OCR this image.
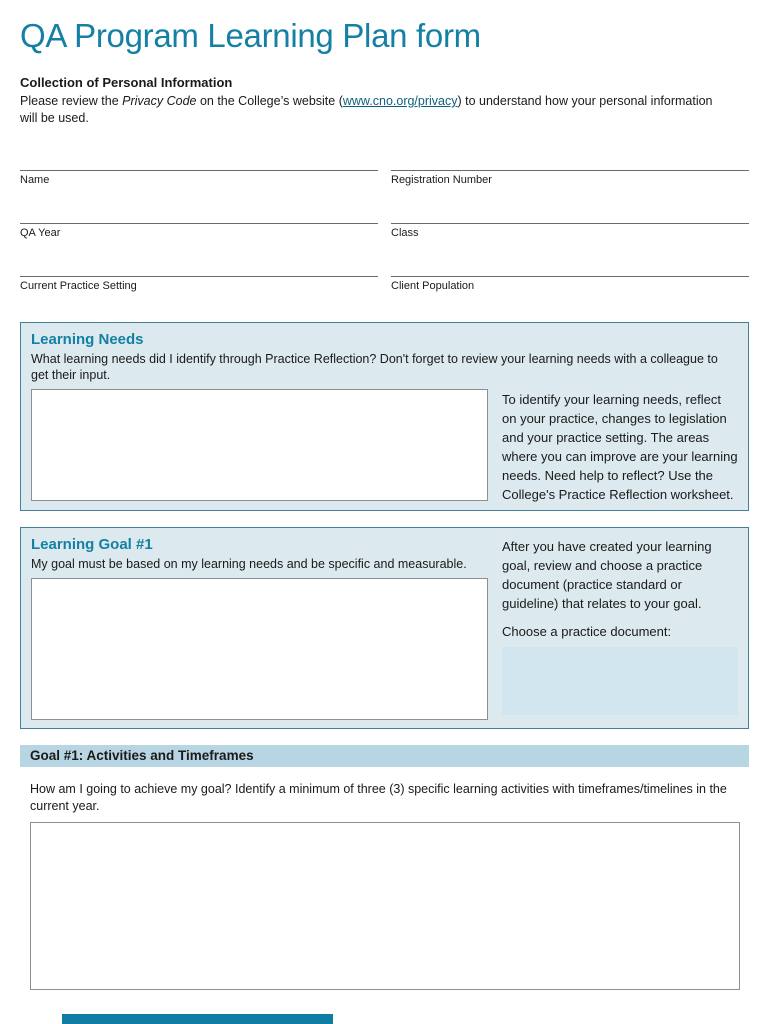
QA Program Learning Plan form
Collection of Personal Information

Please review the Privacy Code on the College’s website (www.cno.org/privacy) to understand how your personal information will be used.

Name	Registration Number
QA Year	Class
Current Practice Setting	Client Population
Learning Needs

What learning needs did I identify through Practice Reflection? Don't forget to review your learning needs with a colleague to get their input.

To identify your learning needs, reflect on your practice, changes to legislation and your practice setting. The areas where you can improve are your learning needs. Need help to reflect? Use the College's Practice Reflection worksheet.

Learning Goal #1

My goal must be based on my learning needs and be specific and measurable.

After you have created your learning goal, review and choose a practice document (practice standard or guideline) that relates to your goal.

Choose a practice document:

Goal #1: Activities and Timeframes

How am I going to achieve my goal? Identify a minimum of three (3) specific learning activities with timeframes/timelines in the current year.
